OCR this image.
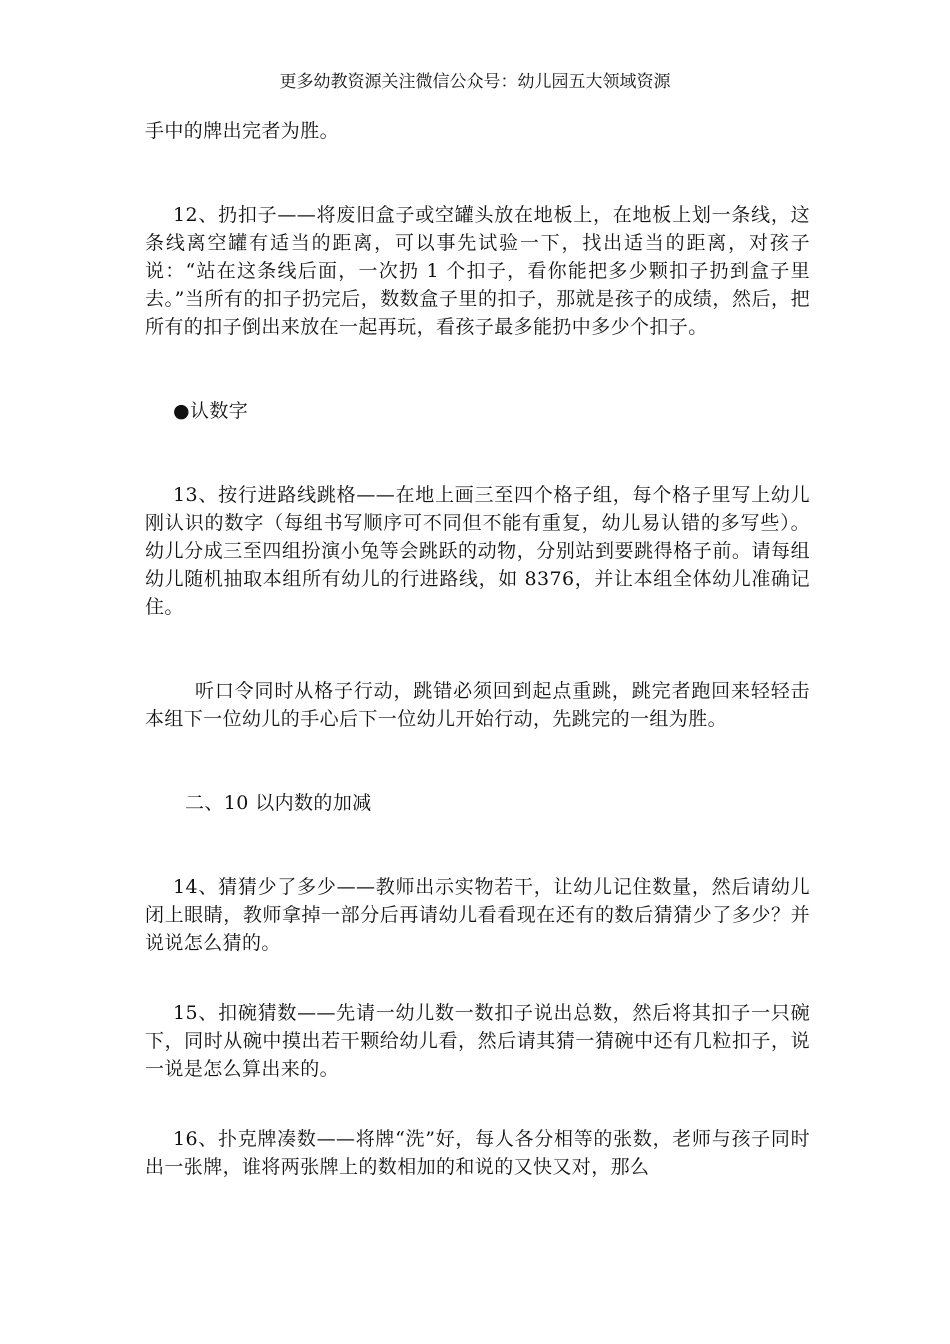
更多幼教资源关注微信公众号：幼儿园五大领域资源

手中的牌出完者为胜。

12、扔扣子——将废旧盒子或空罐头放在地板上，在地板上划一条线，这条线离空罐有适当的距离，可以事先试验一下，找出适当的距离，对孩子说：“站在这条线后面，一次扔 1 个扣子，看你能把多少颗扣子扔到盒子里去。”当所有的扣子扔完后，数数盒子里的扣子，那就是孩子的成绩，然后，把所有的扣子倒出来放在一起再玩，看孩子最多能扔中多少个扣子。

●认数字

13、按行进路线跳格——在地上画三至四个格子组，每个格子里写上幼儿刚认识的数字（每组书写顺序可不同但不能有重复，幼儿易认错的多写些）。幼儿分成三至四组扮演小兔等会跳跃的动物，分别站到要跳得格子前。请每组幼儿随机抽取本组所有幼儿的行进路线，如 8376，并让本组全体幼儿准确记住。

听口令同时从格子行动，跳错必须回到起点重跳，跳完者跑回来轻轻击本组下一位幼儿的手心后下一位幼儿开始行动，先跳完的一组为胜。

二、10 以内数的加减

14、猜猜少了多少——教师出示实物若干，让幼儿记住数量，然后请幼儿闭上眼睛，教师拿掉一部分后再请幼儿看看现在还有的数后猜猜少了多少？并说说怎么猜的。

15、扣碗猜数——先请一幼儿数一数扣子说出总数，然后将其扣子一只碗下，同时从碗中摸出若干颗给幼儿看，然后请其猜一猜碗中还有几粒扣子，说一说是怎么算出来的。

16、扑克牌凑数——将牌“洗”好，每人各分相等的张数，老师与孩子同时出一张牌，谁将两张牌上的数相加的和说的又快又对，那么
